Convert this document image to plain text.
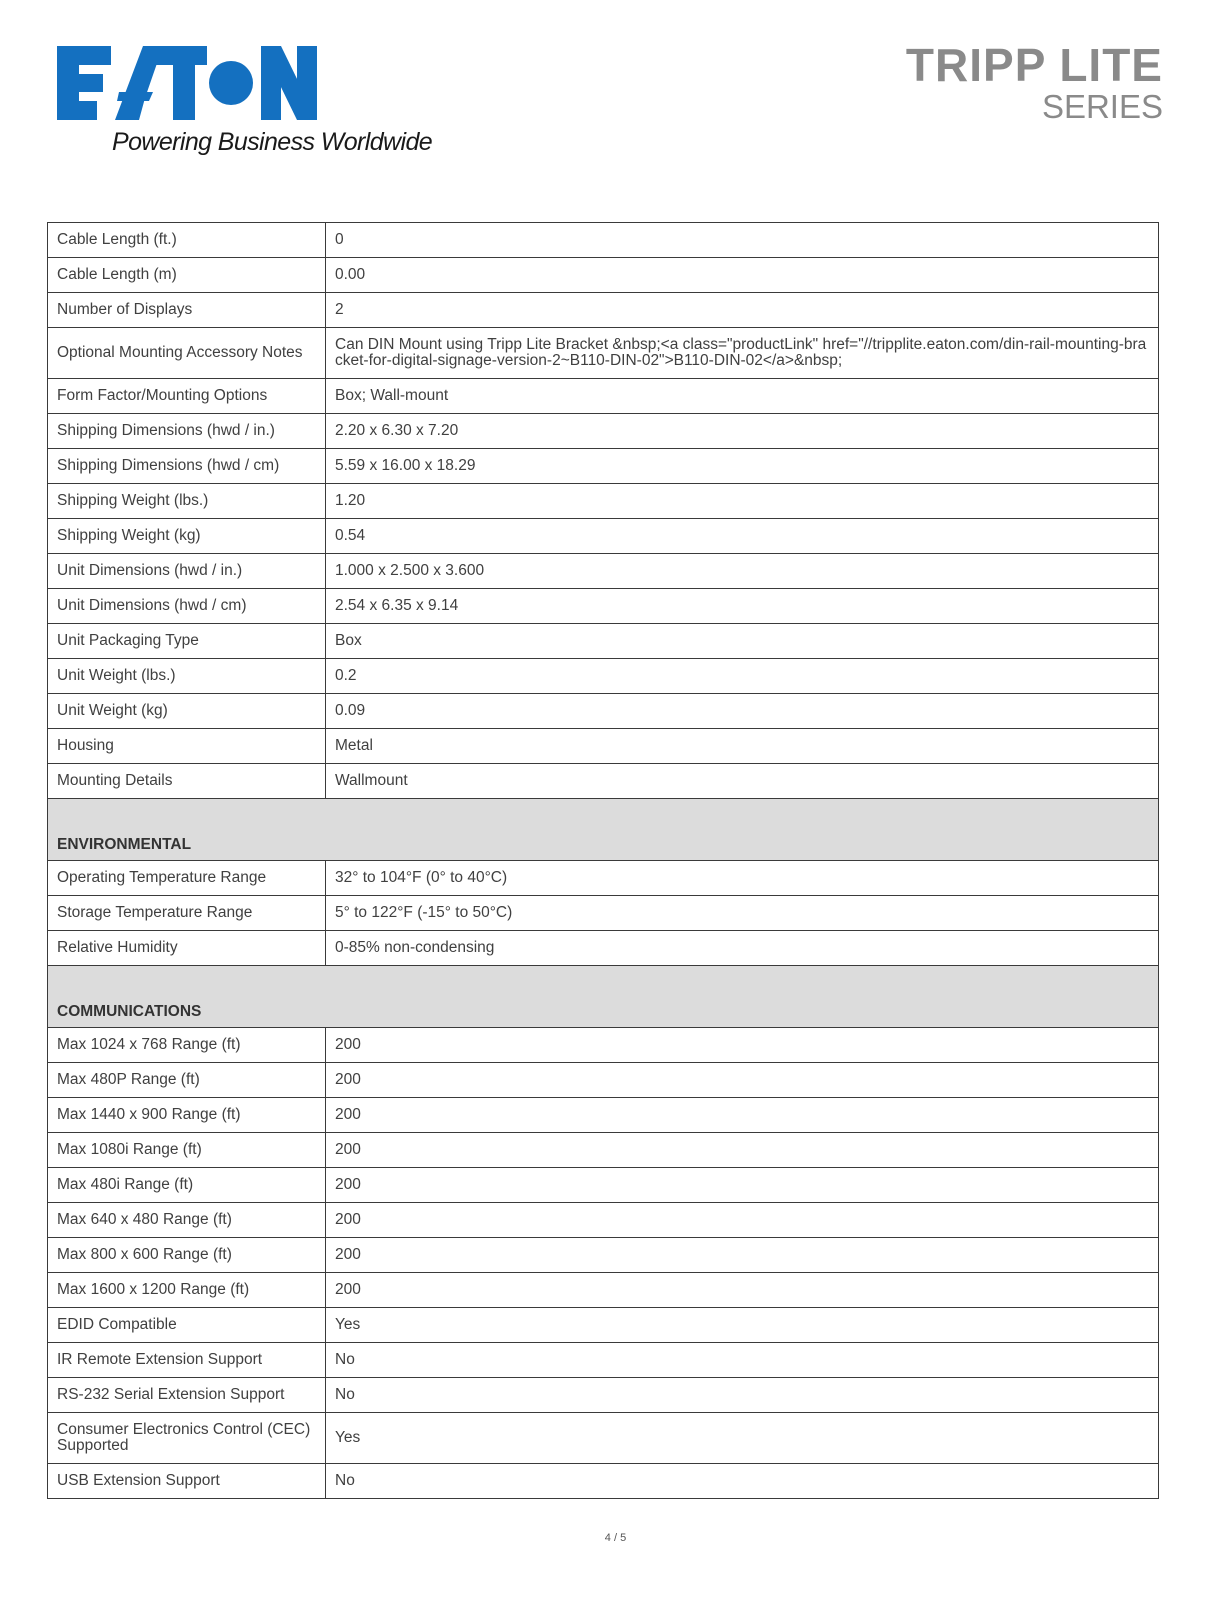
Powering Business Worldwide
TRIPP LITE
SERIES
Cable Length (ft.)	0
Cable Length (m)	0.00
Number of Displays	2
Optional Mounting Accessory Notes	Can DIN Mount using Tripp Lite Bracket &nbsp;<a class="productLink" href="//tripplite.eaton.com/din-rail-mounting-bracket-for-digital-signage-version-2~B110-DIN-02">B110-DIN-02</a>&nbsp;
Form Factor/Mounting Options	Box; Wall-mount
Shipping Dimensions (hwd / in.)	2.20 x 6.30 x 7.20
Shipping Dimensions (hwd / cm)	5.59 x 16.00 x 18.29
Shipping Weight (lbs.)	1.20
Shipping Weight (kg)	0.54
Unit Dimensions (hwd / in.)	1.000 x 2.500 x 3.600
Unit Dimensions (hwd / cm)	2.54 x 6.35 x 9.14
Unit Packaging Type	Box
Unit Weight (lbs.)	0.2
Unit Weight (kg)	0.09
Housing	Metal
Mounting Details	Wallmount
ENVIRONMENTAL	
Operating Temperature Range	32° to 104°F (0° to 40°C)
Storage Temperature Range	5° to 122°F (-15° to 50°C)
Relative Humidity	0-85% non-condensing
COMMUNICATIONS	
Max 1024 x 768 Range (ft)	200
Max 480P Range (ft)	200
Max 1440 x 900 Range (ft)	200
Max 1080i Range (ft)	200
Max 480i Range (ft)	200
Max 640 x 480 Range (ft)	200
Max 800 x 600 Range (ft)	200
Max 1600 x 1200 Range (ft)	200
EDID Compatible	Yes
IR Remote Extension Support	No
RS-232 Serial Extension Support	No
Consumer Electronics Control (CEC) Supported	Yes
USB Extension Support	No
4 / 5
